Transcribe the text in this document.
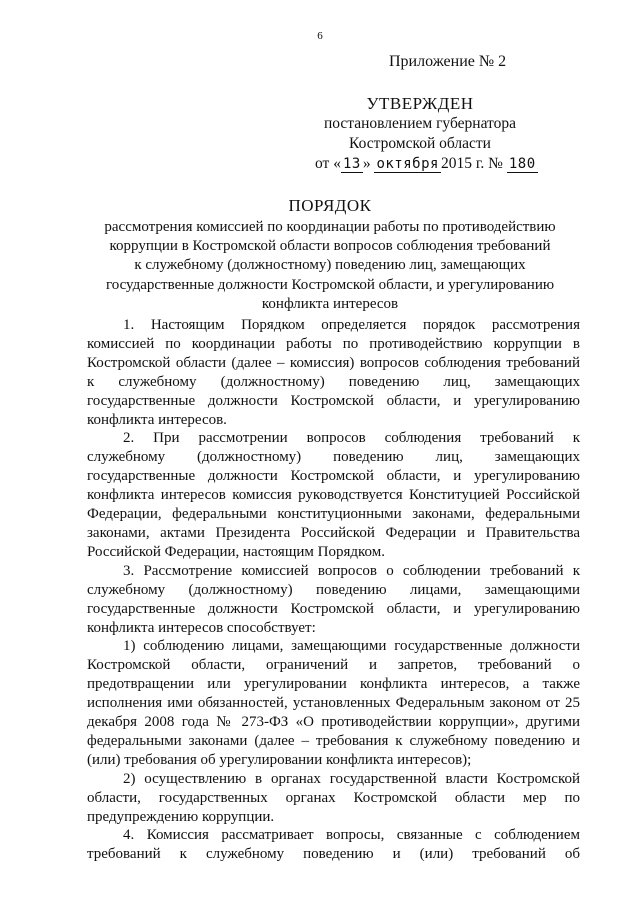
6
Приложение № 2
УТВЕРЖДЕН
постановлением губернатора
Костромской области
от « 13 » октября 2015 г. № 180
ПОРЯДОК
рассмотрения комиссией по координации работы по противодействию
коррупции в Костромской области вопросов соблюдения требований
к служебному (должностному) поведению лиц, замещающих
государственные должности Костромской области, и урегулированию
конфликта интересов
1. Настоящим Порядком определяется порядок рассмотрения
комиссией по координации работы по противодействию коррупции в
Костромской области (далее – комиссия) вопросов соблюдения требований
к служебному (должностному) поведению лиц, замещающих
государственные должности Костромской области, и урегулированию
конфликта интересов.
2. При рассмотрении вопросов соблюдения требований к
служебному (должностному) поведению лиц, замещающих
государственные должности Костромской области, и урегулированию
конфликта интересов комиссия руководствуется Конституцией Российской
Федерации, федеральными конституционными законами, федеральными
законами, актами Президента Российской Федерации и Правительства
Российской Федерации, настоящим Порядком.
3. Рассмотрение комиссией вопросов о соблюдении требований к
служебному (должностному) поведению лицами, замещающими
государственные должности Костромской области, и урегулированию
конфликта интересов способствует:
1) соблюдению лицами, замещающими государственные должности
Костромской области, ограничений и запретов, требований о
предотвращении или урегулировании конфликта интересов, а также
исполнения ими обязанностей, установленных Федеральным законом от 25
декабря 2008 года № 273-ФЗ «О противодействии коррупции», другими
федеральными законами (далее – требования к служебному поведению и
(или) требования об урегулировании конфликта интересов);
2) осуществлению в органах государственной власти Костромской
области, государственных органах Костромской области мер по
предупреждению коррупции.
4. Комиссия рассматривает вопросы, связанные с соблюдением
требований к служебному поведению и (или) требований об
